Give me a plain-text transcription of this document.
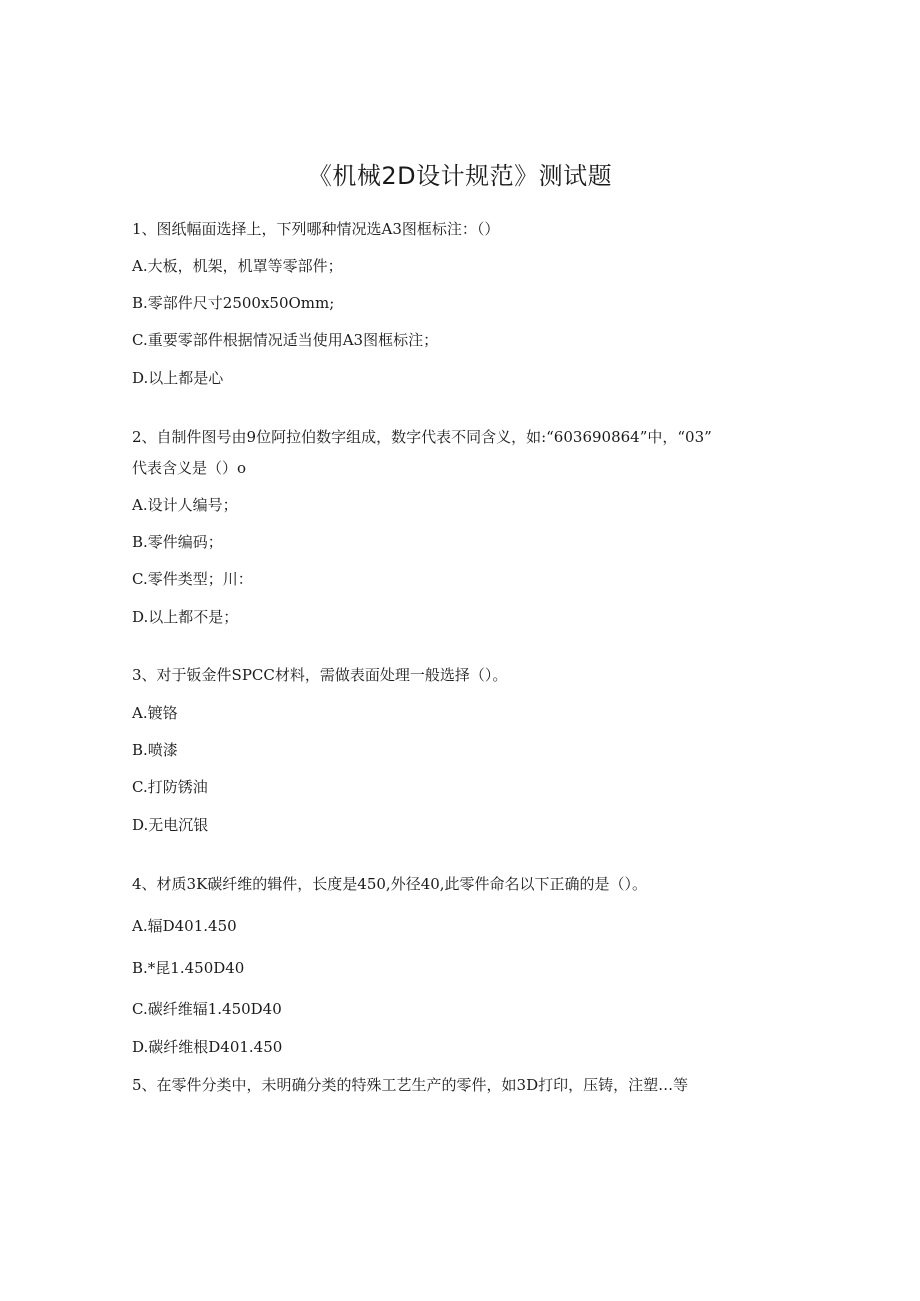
《机械2D设计规范》测试题
1、图纸幅面选择上，下列哪种情况选A3图框标注：（）
A.大板，机架，机罩等零部件；
B.零部件尺寸2500x50Omm;
C.重要零部件根据情况适当使用A3图框标注；
D.以上都是心
2、自制件图号由9位阿拉伯数字组成，数字代表不同含义，如:“603690864”中，“03”
代表含义是（）o
A.设计人编号；
B.零件编码；
C.零件类型；川：
D.以上都不是；
3、对于钣金件SPCC材料，需做表面处理一般选择（）。
A.镀铬
B.喷漆
C.打防锈油
D.无电沉银
4、材质3K碳纤维的辑件，长度是450,外径40,此零件命名以下正确的是（）。
A.辐D401.450
B.*昆1.450D40
C.碳纤维辐1.450D40
D.碳纤维根D401.450
5、在零件分类中，未明确分类的特殊工艺生产的零件，如3D打印，压铸，注塑…等
